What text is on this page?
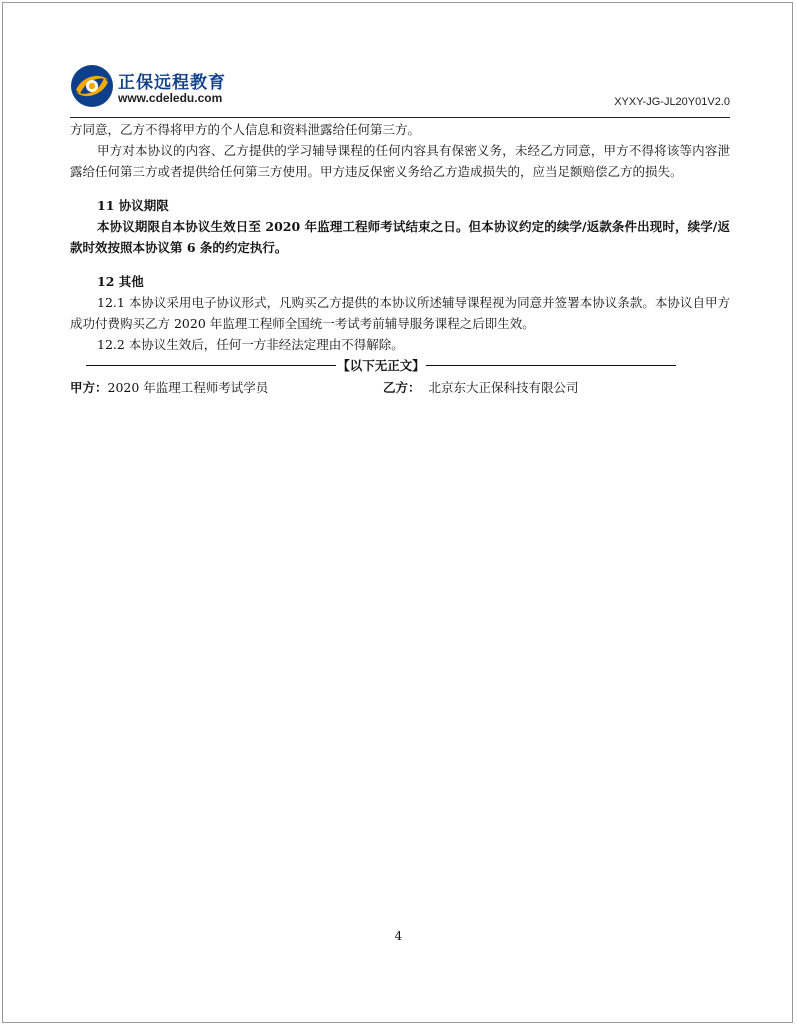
正保远程教育
www.cdeledu.com	XYXY-JG-JL20Y01V2.0

方同意，乙方不得将甲方的个人信息和资料泄露给任何第三方。

甲方对本协议的内容、乙方提供的学习辅导课程的任何内容具有保密义务，未经乙方同意，甲方不得将该等内容泄露给任何第三方或者提供给任何第三方使用。甲方违反保密义务给乙方造成损失的，应当足额赔偿乙方的损失。

11 协议期限

本协议期限自本协议生效日至 2020 年监理工程师考试结束之日。但本协议约定的续学/返款条件出现时，续学/返款时效按照本协议第 6 条的约定执行。

12 其他

12.1 本协议采用电子协议形式，凡购买乙方提供的本协议所述辅导课程视为同意并签署本协议条款。本协议自甲方成功付费购买乙方 2020 年监理工程师全国统一考试考前辅导服务课程之后即生效。

12.2 本协议生效后，任何一方非经法定理由不得解除。

【以下无正文】
甲方：2020 年监理工程师考试学员	乙方： 北京东大正保科技有限公司
4
